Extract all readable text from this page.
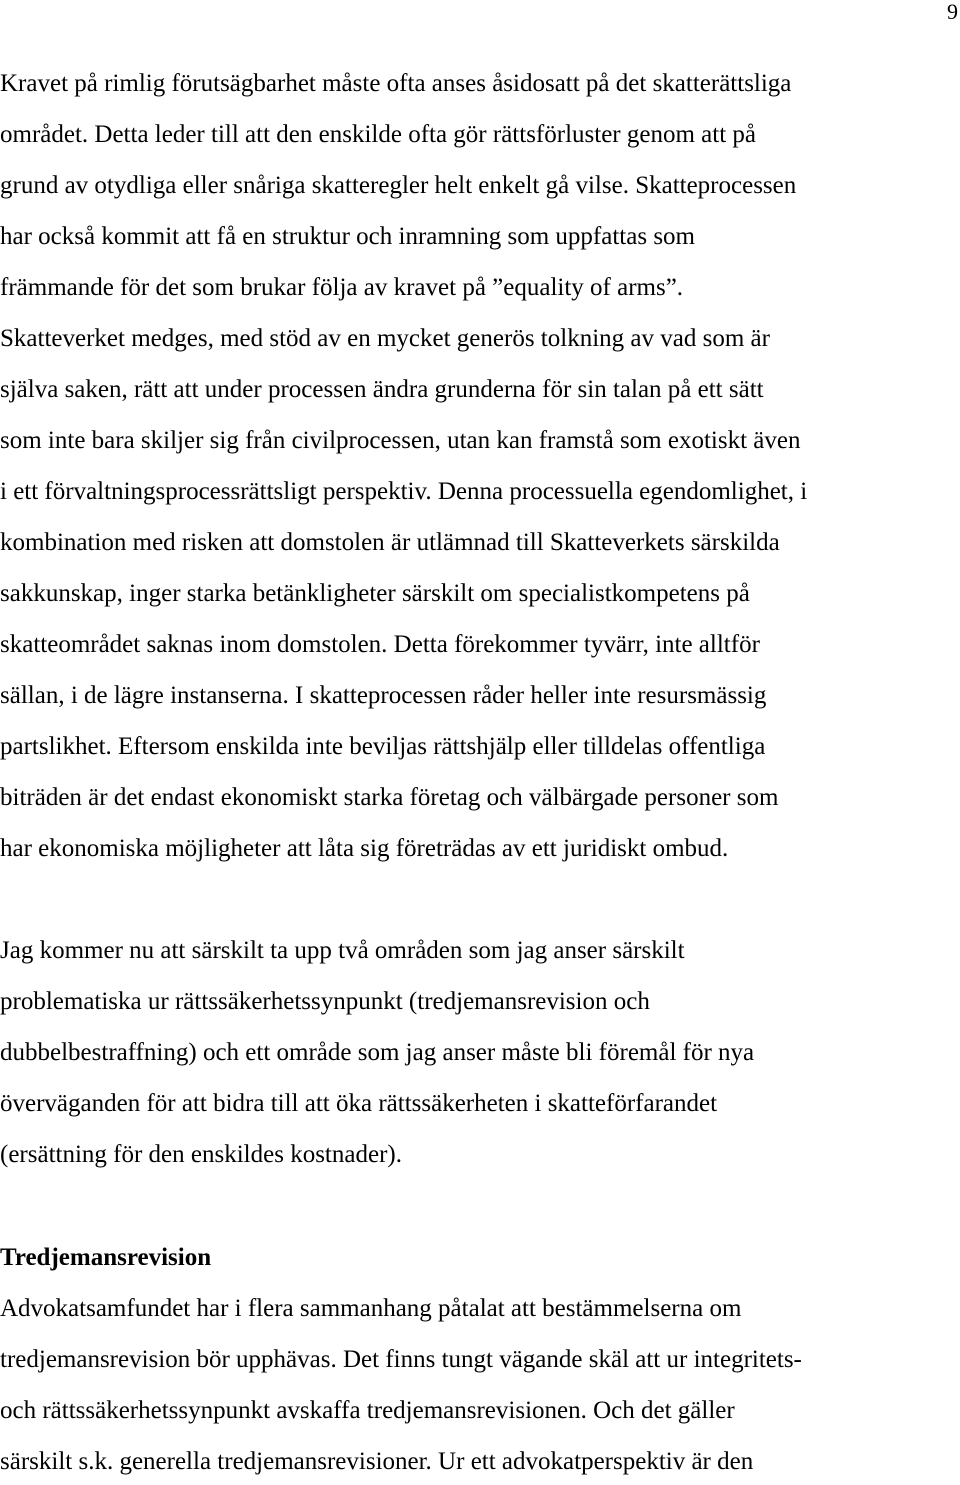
9
Kravet på rimlig förutsägbarhet måste ofta anses åsidosatt på det skatterättsliga
området. Detta leder till att den enskilde ofta gör rättsförluster genom att på
grund av otydliga eller snåriga skatteregler helt enkelt gå vilse. Skatteprocessen
har också kommit att få en struktur och inramning som uppfattas som
främmande för det som brukar följa av kravet på ”equality of arms”.
Skatteverket medges, med stöd av en mycket generös tolkning av vad som är
själva saken, rätt att under processen ändra grunderna för sin talan på ett sätt
som inte bara skiljer sig från civilprocessen, utan kan framstå som exotiskt även
i ett förvaltningsprocessrättsligt perspektiv. Denna processuella egendomlighet, i
kombination med risken att domstolen är utlämnad till Skatteverkets särskilda
sakkunskap, inger starka betänkligheter särskilt om specialistkompetens på
skatteområdet saknas inom domstolen. Detta förekommer tyvärr, inte alltför
sällan, i de lägre instanserna. I skatteprocessen råder heller inte resursmässig
partslikhet. Eftersom enskilda inte beviljas rättshjälp eller tilldelas offentliga
biträden är det endast ekonomiskt starka företag och välbärgade personer som
har ekonomiska möjligheter att låta sig företrädas av ett juridiskt ombud.
Jag kommer nu att särskilt ta upp två områden som jag anser särskilt
problematiska ur rättssäkerhetssynpunkt (tredjemansrevision och
dubbelbestraffning) och ett område som jag anser måste bli föremål för nya
överväganden för att bidra till att öka rättssäkerheten i skatteförfarandet
(ersättning för den enskildes kostnader).
Tredjemansrevision
Advokatsamfundet har i flera sammanhang påtalat att bestämmelserna om
tredjemansrevision bör upphävas. Det finns tungt vägande skäl att ur integritets-
och rättssäkerhetssynpunkt avskaffa tredjemansrevisionen. Och det gäller
särskilt s.k. generella tredjemansrevisioner. Ur ett advokatperspektiv är den
